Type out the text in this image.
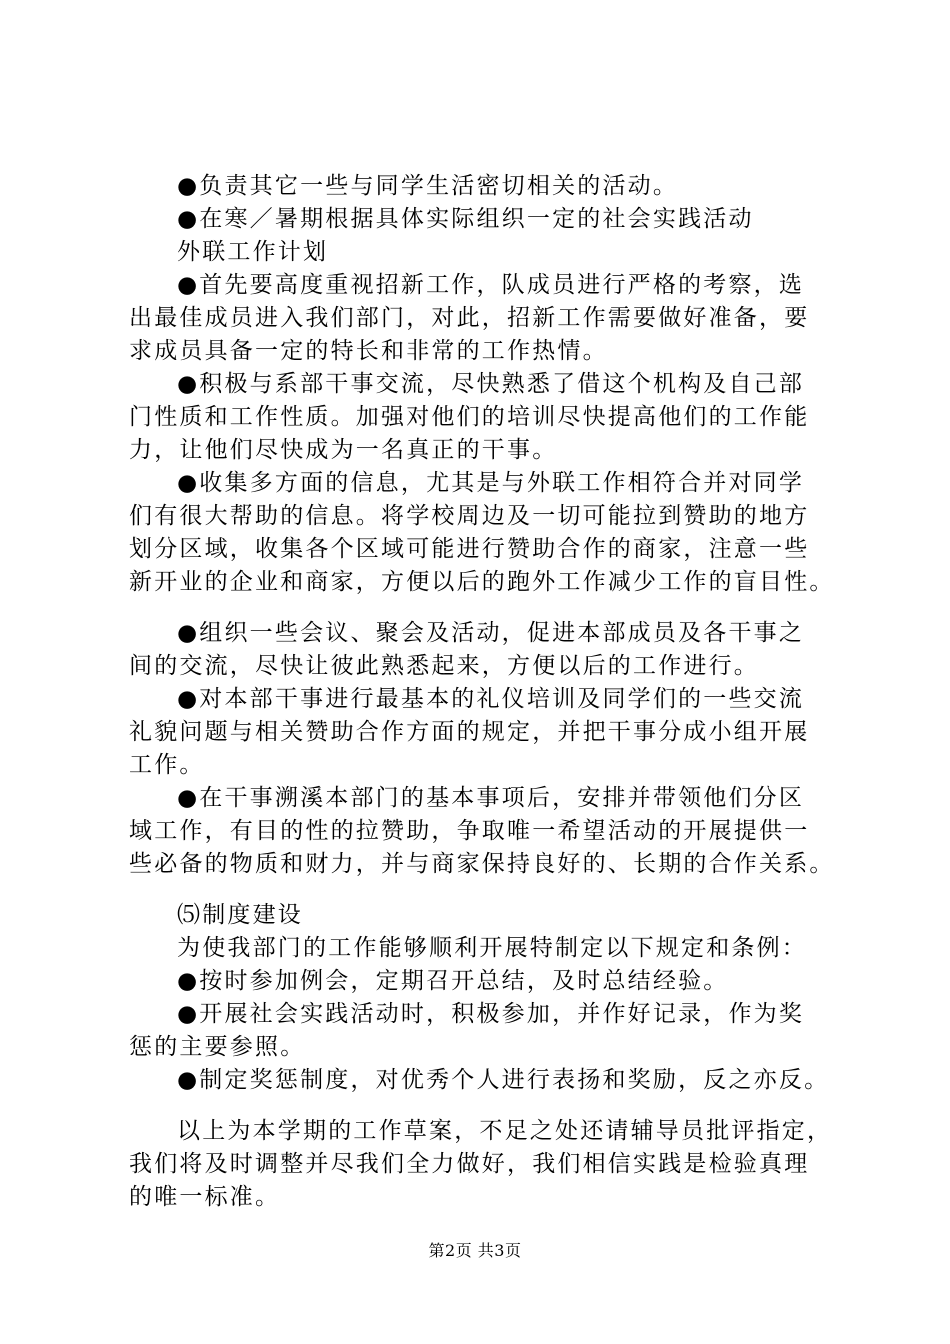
●负责其它一些与同学生活密切相关的活动。
●在寒／暑期根据具体实际组织一定的社会实践活动
外联工作计划
●首先要高度重视招新工作，队成员进行严格的考察，选
出最佳成员进入我们部门，对此，招新工作需要做好准备，要
求成员具备一定的特长和非常的工作热情。
●积极与系部干事交流，尽快熟悉了借这个机构及自己部
门性质和工作性质。加强对他们的培训尽快提高他们的工作能
力，让他们尽快成为一名真正的干事。
●收集多方面的信息，尤其是与外联工作相符合并对同学
们有很大帮助的信息。将学校周边及一切可能拉到赞助的地方
划分区域，收集各个区域可能进行赞助合作的商家，注意一些
新开业的企业和商家，方便以后的跑外工作减少工作的盲目性。
●组织一些会议、聚会及活动，促进本部成员及各干事之
间的交流，尽快让彼此熟悉起来，方便以后的工作进行。
●对本部干事进行最基本的礼仪培训及同学们的一些交流
礼貌问题与相关赞助合作方面的规定，并把干事分成小组开展
工作。
●在干事溯溪本部门的基本事项后，安排并带领他们分区
域工作，有目的性的拉赞助，争取唯一希望活动的开展提供一
些必备的物质和财力，并与商家保持良好的、长期的合作关系。
⑸制度建设
为使我部门的工作能够顺利开展特制定以下规定和条例：
●按时参加例会，定期召开总结，及时总结经验。
●开展社会实践活动时，积极参加，并作好记录，作为奖
惩的主要参照。
●制定奖惩制度，对优秀个人进行表扬和奖励，反之亦反。
以上为本学期的工作草案，不足之处还请辅导员批评指定，
我们将及时调整并尽我们全力做好，我们相信实践是检验真理
的唯一标准。
第2页 共3页
